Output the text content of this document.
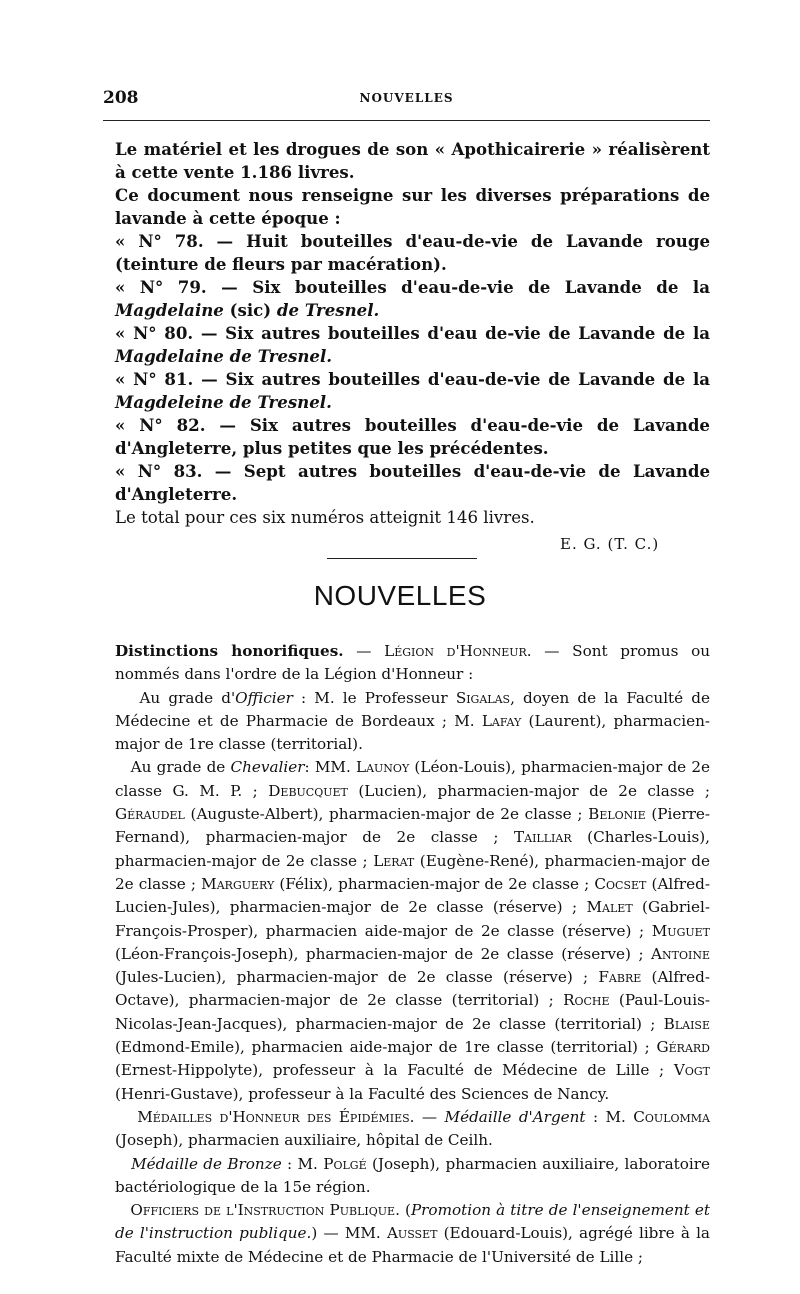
208	NOUVELLES

Le matériel et les drogues de son « Apothicairerie » réalisèrent à cette vente 1.186 livres.

Ce document nous renseigne sur les diverses préparations de lavande à cette époque :

« N° 78. — Huit bouteilles d'eau-de-vie de Lavande rouge (teinture de fleurs par macération).

« N° 79. — Six bouteilles d'eau-de-vie de Lavande de la Magdelaine (sic) de Tresnel.

« N° 80. — Six autres bouteilles d'eau de-vie de Lavande de la Magdelaine de Tresnel.

« N° 81. — Six autres bouteilles d'eau-de-vie de Lavande de la Magdeleine de Tresnel.

« N° 82. — Six autres bouteilles d'eau-de-vie de Lavande d'Angleterre, plus petites que les précédentes.

« N° 83. — Sept autres bouteilles d'eau-de-vie de Lavande d'Angleterre.

Le total pour ces six numéros atteignit 146 livres.

E. G. (T. C.)
NOUVELLES

Distinctions honorifiques. — Légion d'Honneur. — Sont promus ou nommés dans l'ordre de la Légion d'Honneur :

Au grade d'Officier : M. le Professeur Sigalas, doyen de la Faculté de Médecine et de Pharmacie de Bordeaux ; M. Lafay (Laurent), pharmacien-major de 1re classe (territorial).

Au grade de Chevalier: MM. Launoy (Léon-Louis), pharmacien-major de 2e classe G. M. P. ; Debucquet (Lucien), pharmacien-major de 2e classe ; Géraudel (Auguste-Albert), pharmacien-major de 2e classe ; Belonie (Pierre-Fernand), pharmacien-major de 2e classe ; Tailliar (Charles-Louis), pharmacien-major de 2e classe ; Lerat (Eugène-René), pharmacien-major de 2e classe ; Marguery (Félix), pharmacien-major de 2e classe ; Cocset (Alfred-Lucien-Jules), pharmacien-major de 2e classe (réserve) ; Malet (Gabriel-François-Prosper), pharmacien aide-major de 2e classe (réserve) ; Muguet (Léon-François-Joseph), pharmacien-major de 2e classe (réserve) ; Antoine (Jules-Lucien), pharmacien-major de 2e classe (réserve) ; Fabre (Alfred-Octave), pharmacien-major de 2e classe (territorial) ; Roche (Paul-Louis-Nicolas-Jean-Jacques), pharmacien-major de 2e classe (territorial) ; Blaise (Edmond-Emile), pharmacien aide-major de 1re classe (territorial) ; Gérard (Ernest-Hippolyte), professeur à la Faculté de Médecine de Lille ; Vogt (Henri-Gustave), professeur à la Faculté des Sciences de Nancy.

Médailles d'Honneur des Épidémies. — Médaille d'Argent : M. Coulomma (Joseph), pharmacien auxiliaire, hôpital de Ceilh.

Médaille de Bronze : M. Polgé (Joseph), pharmacien auxiliaire, laboratoire bactériologique de la 15e région.

Officiers de l'Instruction Publique. (Promotion à titre de l'enseignement et de l'instruction publique.) — MM. Ausset (Edouard-Louis), agrégé libre à la Faculté mixte de Médecine et de Pharmacie de l'Université de Lille ;
